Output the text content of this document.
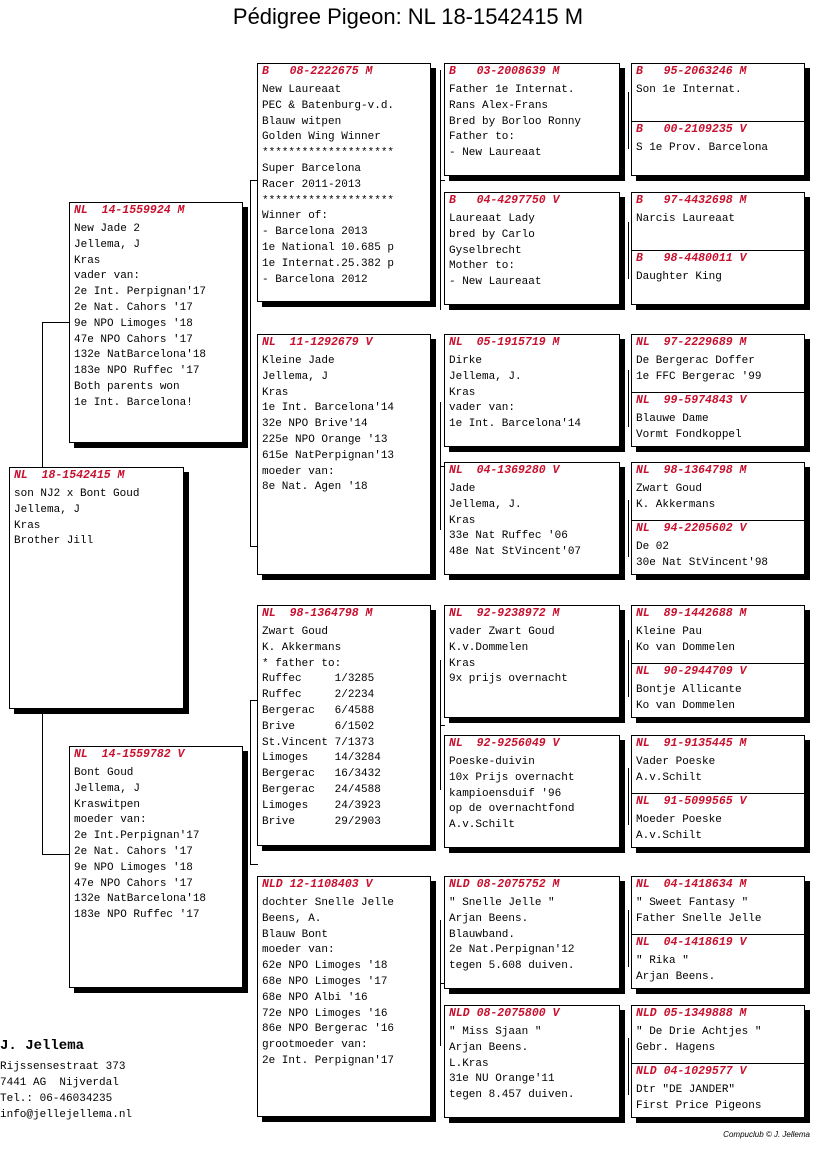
Pédigree Pigeon: NL 18-1542415 M
NL  18-1542415 M
son NJ2 x Bont Goud
Jellema, J
Kras
Brother Jill
NL  14-1559924 M
New Jade 2
Jellema, J
Kras
vader van:
2e Int. Perpignan'17
2e Nat. Cahors '17
9e NPO Limoges '18
47e NPO Cahors '17
132e NatBarcelona'18
183e NPO Ruffec '17
Both parents won
1e Int. Barcelona!
NL  14-1559782 V
Bont Goud
Jellema, J
Kraswitpen
moeder van:
2e Int.Perpignan'17
2e Nat. Cahors '17
9e NPO Limoges '18
47e NPO Cahors '17
132e NatBarcelona'18
183e NPO Ruffec '17
B   08-2222675 M
New Laureaat
PEC & Batenburg-v.d.
Blauw witpen
Golden Wing Winner
********************
Super Barcelona
Racer 2011-2013
********************
Winner of:
- Barcelona 2013
1e National 10.685 p
1e Internat.25.382 p
- Barcelona 2012
NL  11-1292679 V
Kleine Jade
Jellema, J
Kras
1e Int. Barcelona'14
32e NPO Brive'14
225e NPO Orange '13
615e NatPerpignan'13
moeder van:
8e Nat. Agen '18
NL  98-1364798 M
Zwart Goud
K. Akkermans
* father to:
Ruffec     1/3285
Ruffec     2/2234
Bergerac   6/4588
Brive      6/1502
St.Vincent 7/1373
Limoges    14/3284
Bergerac   16/3432
Bergerac   24/4588
Limoges    24/3923
Brive      29/2903
NLD 12-1108403 V
dochter Snelle Jelle
Beens, A.
Blauw Bont
moeder van:
62e NPO Limoges '18
68e NPO Limoges '17
68e NPO Albi '16
72e NPO Limoges '16
86e NPO Bergerac '16
grootmoeder van:
2e Int. Perpignan'17
B   03-2008639 M
Father 1e Internat.
Rans Alex-Frans
Bred by Borloo Ronny
Father to:
- New Laureaat
B   04-4297750 V
Laureaat Lady
bred by Carlo
Gyselbrecht
Mother to:
- New Laureaat
NL  05-1915719 M
Dirke
Jellema, J.
Kras
vader van:
1e Int. Barcelona'14
NL  04-1369280 V
Jade
Jellema, J.
Kras
33e Nat Ruffec '06
48e Nat StVincent'07
NL  92-9238972 M
vader Zwart Goud
K.v.Dommelen
Kras
9x prijs overnacht
NL  92-9256049 V
Poeske-duivin
10x Prijs overnacht
kampioensduif '96
op de overnachtfond
A.v.Schilt
NLD 08-2075752 M
" Snelle Jelle "
Arjan Beens.
Blauwband.
2e Nat.Perpignan'12
tegen 5.608 duiven.
NLD 08-2075800 V
" Miss Sjaan "
Arjan Beens.
L.Kras
31e NU Orange'11
tegen 8.457 duiven.
B   95-2063246 M
Son 1e Internat.
B   00-2109235 V
S 1e Prov. Barcelona
B   97-4432698 M
Narcis Laureaat
B   98-4480011 V
Daughter King
NL  97-2229689 M
De Bergerac Doffer
1e FFC Bergerac '99
NL  99-5974843 V
Blauwe Dame
Vormt Fondkoppel
NL  98-1364798 M
Zwart Goud
K. Akkermans
NL  94-2205602 V
De 02
30e Nat StVincent'98
NL  89-1442688 M
Kleine Pau
Ko van Dommelen
NL  90-2944709 V
Bontje Allicante
Ko van Dommelen
NL  91-9135445 M
Vader Poeske
A.v.Schilt
NL  91-5099565 V
Moeder Poeske
A.v.Schilt
NL  04-1418634 M
" Sweet Fantasy "
Father Snelle Jelle
NL  04-1418619 V
" Rika "
Arjan Beens.
NLD 05-1349888 M
" De Drie Achtjes "
Gebr. Hagens
NLD 04-1029577 V
Dtr "DE JANDER"
First Price Pigeons
J. Jellema
Rijssensestraat 373
7441 AG  Nijverdal
Tel.: 06-46034235
info@jellejellema.nl
Compuclub © J. Jellema
